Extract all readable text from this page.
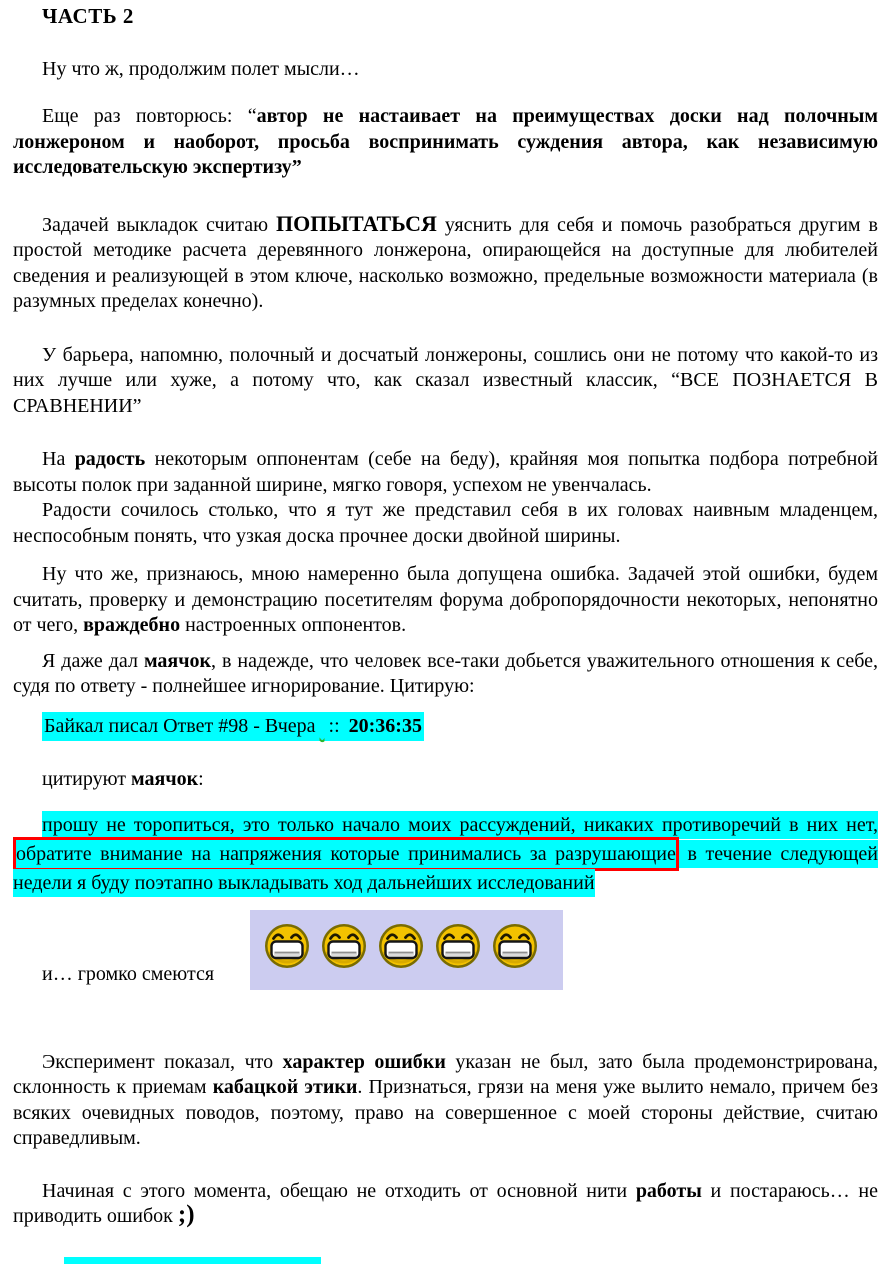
ЧАСТЬ 2
Ну что ж, продолжим полет мысли…
Еще раз повторюсь: “автор не настаивает на преимуществах доски над полочным лонжероном и наоборот, просьба воспринимать суждения автора, как независимую исследовательскую экспертизу”
Задачей выкладок считаю ПОПЫТАТЬСЯ уяснить для себя и помочь разобраться другим в простой методике расчета деревянного лонжерона, опирающейся на доступные для любителей сведения и реализующей в этом ключе, насколько возможно, предельные возможности материала (в разумных пределах конечно).
У барьера, напомню, полочный и досчатый лонжероны, сошлись они не потому что какой-то из них лучше или хуже, а потому что, как сказал известный классик, “ВСЕ ПОЗНАЕТСЯ В СРАВНЕНИИ”
На радость некоторым оппонентам (себе на беду), крайняя моя попытка подбора потребной высоты полок при заданной ширине, мягко говоря, успехом не увенчалась.
Радости сочилось столько, что я тут же представил себя в их головах наивным младенцем, неспособным понять, что узкая доска прочнее доски двойной ширины.
Ну что же, признаюсь, мною намеренно была допущена ошибка. Задачей этой ошибки, будем считать, проверку и демонстрацию посетителям форума добропорядочности некоторых, непонятно от чего, враждебно настроенных оппонентов.
Я даже дал маячок, в надежде, что человек все-таки добьется уважительного отношения к себе, судя по ответу - полнейшее игнорирование. Цитирую:
Байкал писал Ответ #98 - Вчера :: 20:36:35
цитируют маячок:
прошу не торопиться, это только начало моих рассуждений, никаких противоречий в них нет, обратите внимание на напряжения которые принимались за разрушающие в течение следующей недели я буду поэтапно выкладывать ход дальнейших исследований
и… громко смеются
Эксперимент показал, что характер ошибки указан не был, зато была продемонстрирована, склонность к приемам кабацкой этики. Признаться, грязи на меня уже вылито немало, причем без всяких очевидных поводов, поэтому, право на совершенное с моей стороны действие, считаю справедливым.
Начиная с этого момента, обещаю не отходить от основной нити работы и постараюсь… не приводить ошибок ;)
